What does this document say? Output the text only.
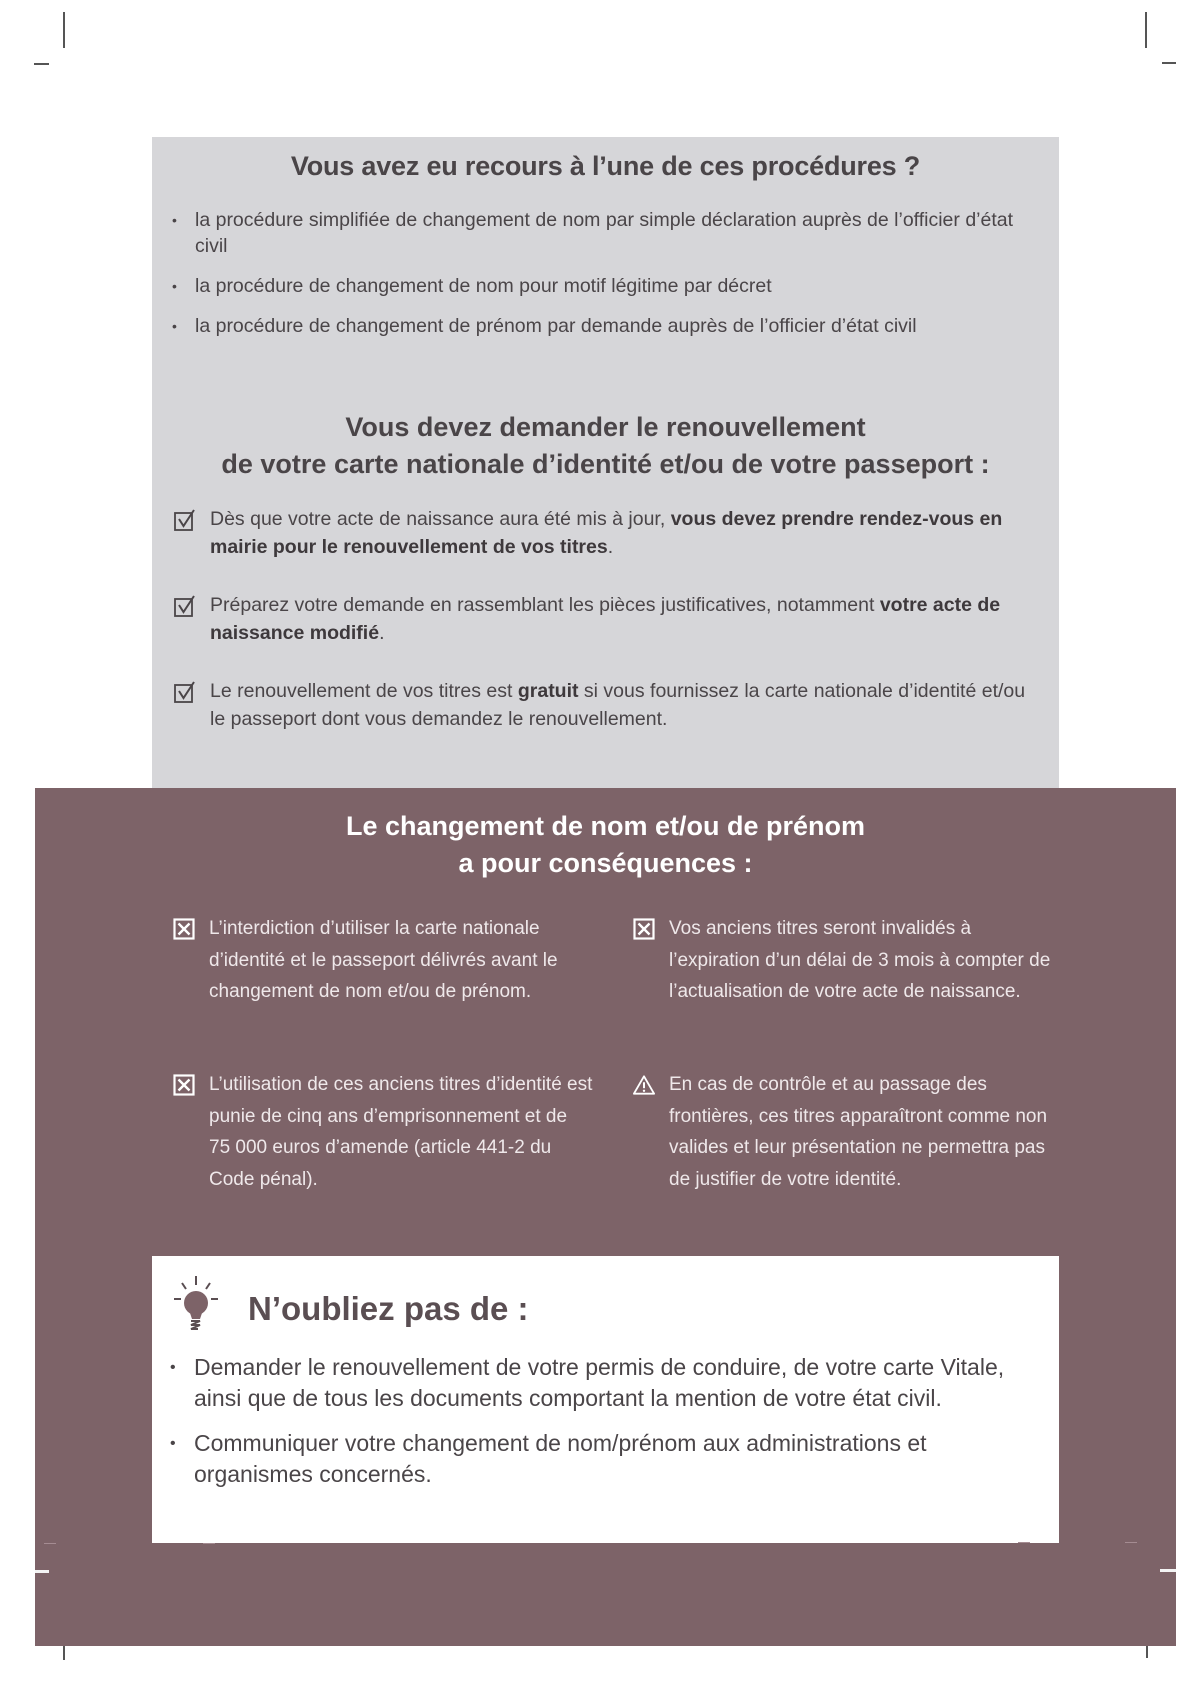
Vous avez eu recours à l’une de ces procédures ?
• la procédure simplifiée de changement de nom par simple déclaration auprès de l’officier d’état civil
• la procédure de changement de nom pour motif légitime par décret
• la procédure de changement de prénom par demande auprès de l’officier d’état civil
Vous devez demander le renouvellement
de votre carte nationale d’identité et/ou de votre passeport :
Dès que votre acte de naissance aura été mis à jour, vous devez prendre rendez-vous en mairie pour le renouvellement de vos titres.
Préparez votre demande en rassemblant les pièces justificatives, notamment votre acte de naissance modifié.
Le renouvellement de vos titres est gratuit si vous fournissez la carte nationale d’identité et/ou le passeport dont vous demandez le renouvellement.
Le changement de nom et/ou de prénom
a pour conséquences :
L’interdiction d’utiliser la carte nationale d’identité et le passeport délivrés avant le changement de nom et/ou de prénom.
Vos anciens titres seront invalidés à l’expiration d’un délai de 3 mois à compter de l’actualisation de votre acte de naissance.
L’utilisation de ces anciens titres d’identité est punie de cinq ans d’emprisonnement et de 75 000 euros d’amende (article 441-2 du Code pénal).
En cas de contrôle et au passage des frontières, ces titres apparaîtront comme non valides et leur présentation ne permettra pas de justifier de votre identité.
N’oubliez pas de :
• Demander le renouvellement de votre permis de conduire, de votre carte Vitale, ainsi que de tous les documents comportant la mention de votre état civil.
• Communiquer votre changement de nom/prénom aux administrations et organismes concernés.
